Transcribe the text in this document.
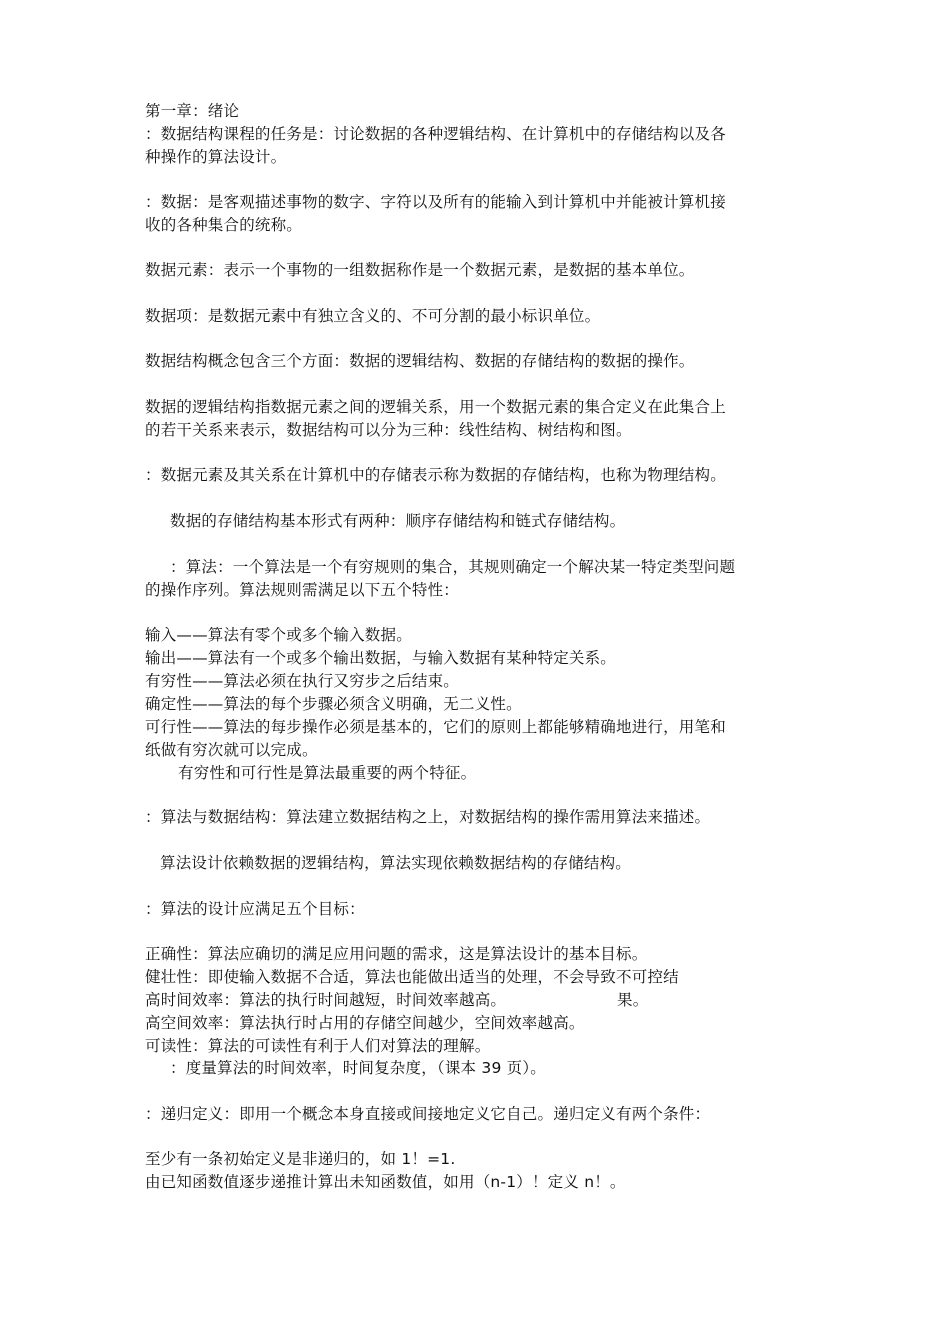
第一章：绪论
：数据结构课程的任务是：讨论数据的各种逻辑结构、在计算机中的存储结构以及各
种操作的算法设计。
：数据：是客观描述事物的数字、字符以及所有的能输入到计算机中并能被计算机接
收的各种集合的统称。
数据元素：表示一个事物的一组数据称作是一个数据元素，是数据的基本单位。
数据项：是数据元素中有独立含义的、不可分割的最小标识单位。
数据结构概念包含三个方面：数据的逻辑结构、数据的存储结构的数据的操作。
数据的逻辑结构指数据元素之间的逻辑关系，用一个数据元素的集合定义在此集合上
的若干关系来表示，数据结构可以分为三种：线性结构、树结构和图。
：数据元素及其关系在计算机中的存储表示称为数据的存储结构，也称为物理结构。
数据的存储结构基本形式有两种：顺序存储结构和链式存储结构。
：算法：一个算法是一个有穷规则的集合，其规则确定一个解决某一特定类型问题
的操作序列。算法规则需满足以下五个特性：
输入——算法有零个或多个输入数据。
输出——算法有一个或多个输出数据，与输入数据有某种特定关系。
有穷性——算法必须在执行又穷步之后结束。
确定性——算法的每个步骤必须含义明确，无二义性。
可行性——算法的每步操作必须是基本的，它们的原则上都能够精确地进行，用笔和
纸做有穷次就可以完成。
有穷性和可行性是算法最重要的两个特征。
：算法与数据结构：算法建立数据结构之上，对数据结构的操作需用算法来描述。
算法设计依赖数据的逻辑结构，算法实现依赖数据结构的存储结构。
：算法的设计应满足五个目标：
正确性：算法应确切的满足应用问题的需求，这是算法设计的基本目标。
健壮性：即使输入数据不合适，算法也能做出适当的处理，不会导致不可控结
高时间效率：算法的执行时间越短，时间效率越高。	果。
高空间效率：算法执行时占用的存储空间越少，空间效率越高。
可读性：算法的可读性有利于人们对算法的理解。
：度量算法的时间效率，时间复杂度，（课本 39 页）。
：递归定义：即用一个概念本身直接或间接地定义它自己。递归定义有两个条件：
至少有一条初始定义是非递归的，如 1！=1.
由已知函数值逐步递推计算出未知函数值，如用（n-1）！定义 n！。
